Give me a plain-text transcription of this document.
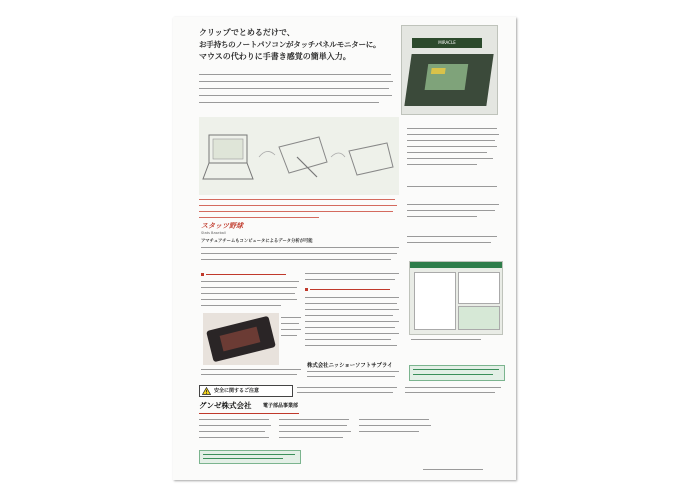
クリップでとめるだけで、
お手持ちのノートパソコンがタッチパネルモニターに。
マウスの代わりに手書き感覚の簡単入力。
MIRACLE
スタッツ野球
Stats Baseball
アマチュアチームもコンピュータによるデータ分析が可能
株式会社ニッショーソフトサプライ
安全に関するご注意
グンゼ株式会社 電子部品事業部
